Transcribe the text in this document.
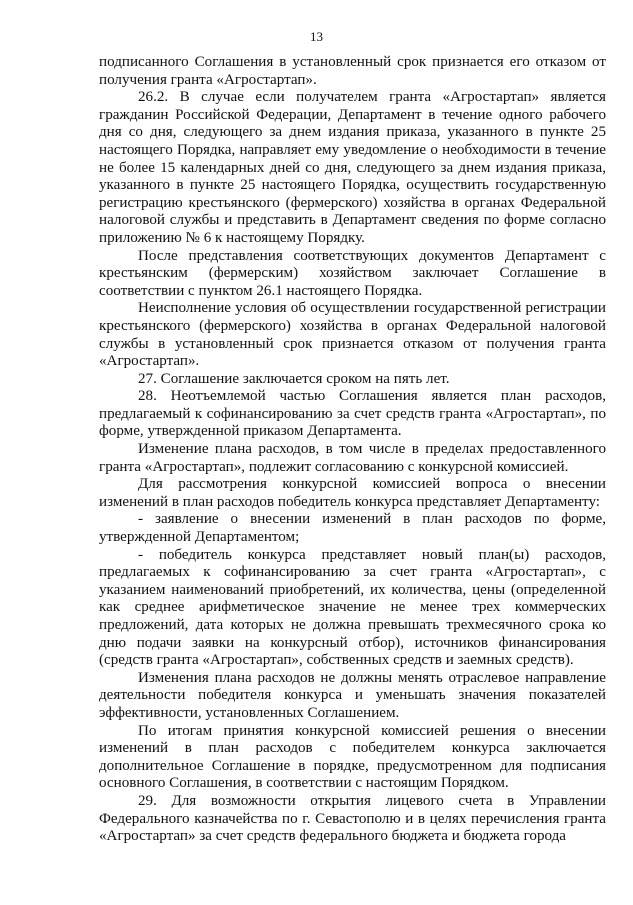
13

подписанного Соглашения в установленный срок признается его отказом от получения гранта «Агростартап».

26.2. В случае если получателем гранта «Агростартап» является гражданин Российской Федерации, Департамент в течение одного рабочего дня со дня, следующего за днем издания приказа, указанного в пункте 25 настоящего Порядка, направляет ему уведомление о необходимости в течение не более 15 календарных дней со дня, следующего за днем издания приказа, указанного в пункте 25 настоящего Порядка, осуществить государственную регистрацию крестьянского (фермерского) хозяйства в органах Федеральной налоговой службы и представить в Департамент сведения по форме согласно приложению № 6 к настоящему Порядку.

После представления соответствующих документов Департамент с крестьянским (фермерским) хозяйством заключает Соглашение в соответствии с пунктом 26.1 настоящего Порядка.

Неисполнение условия об осуществлении государственной регистрации крестьянского (фермерского) хозяйства в органах Федеральной налоговой службы в установленный срок признается отказом от получения гранта «Агростартап».

27. Соглашение заключается сроком на пять лет.

28. Неотъемлемой частью Соглашения является план расходов, предлагаемый к софинансированию за счет средств гранта «Агростартап», по форме, утвержденной приказом Департамента.

Изменение плана расходов, в том числе в пределах предоставленного гранта «Агростартап», подлежит согласованию с конкурсной комиссией.

Для рассмотрения конкурсной комиссией вопроса о внесении изменений в план расходов победитель конкурса представляет Департаменту:

- заявление о внесении изменений в план расходов по форме, утвержденной Департаментом;

- победитель конкурса представляет новый план(ы) расходов, предлагаемых к софинансированию за счет гранта «Агростартап», с указанием наименований приобретений, их количества, цены (определенной как среднее арифметическое значение не менее трех коммерческих предложений, дата которых не должна превышать трехмесячного срока ко дню подачи заявки на конкурсный отбор), источников финансирования (средств гранта «Агростартап», собственных средств и заемных средств).

Изменения плана расходов не должны менять отраслевое направление деятельности победителя конкурса и уменьшать значения показателей эффективности, установленных Соглашением.

По итогам принятия конкурсной комиссией решения о внесении изменений в план расходов с победителем конкурса заключается дополнительное Соглашение в порядке, предусмотренном для подписания основного Соглашения, в соответствии с настоящим Порядком.

29. Для возможности открытия лицевого счета в Управлении Федерального казначейства по г. Севастополю и в целях перечисления гранта «Агростартап» за счет средств федерального бюджета и бюджета города
